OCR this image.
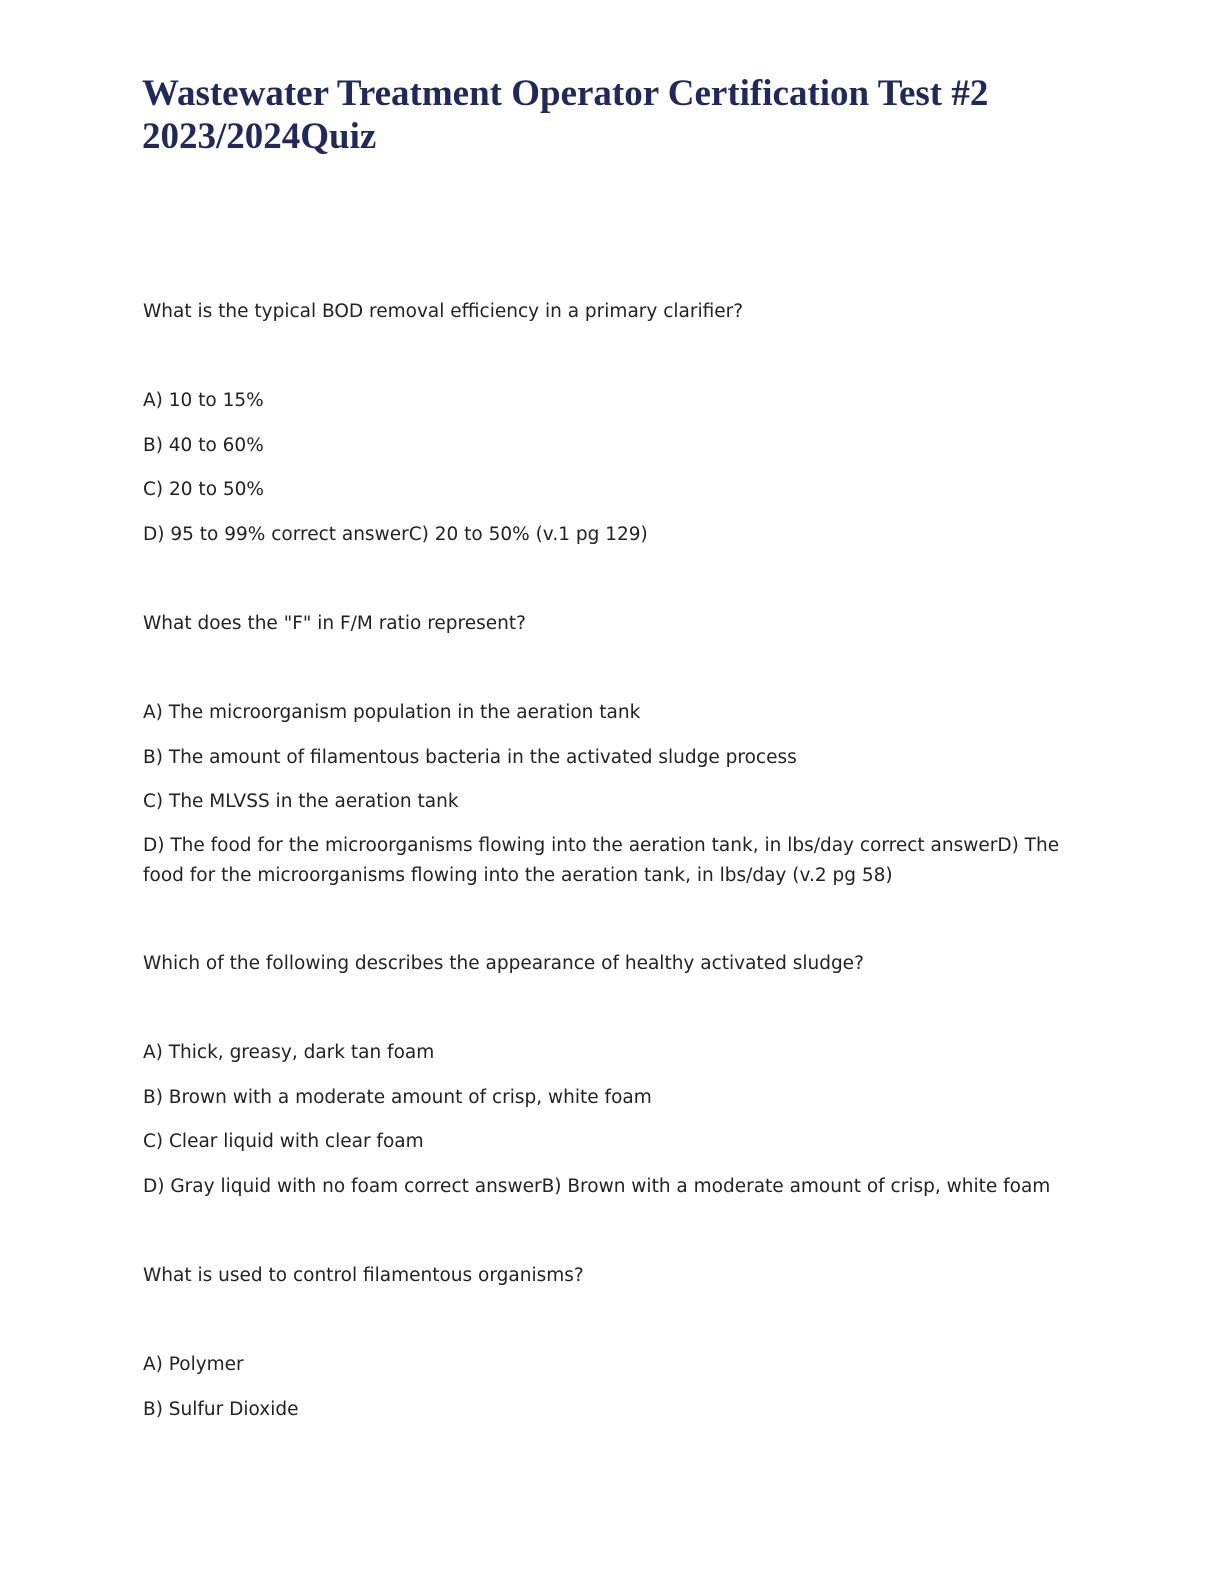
Wastewater Treatment Operator Certification Test #2
2023/2024Quiz

What is the typical BOD removal efficiency in a primary clarifier?

A) 10 to 15%

B) 40 to 60%

C) 20 to 50%

D) 95 to 99% correct answerC) 20 to 50% (v.1 pg 129)

What does the "F" in F/M ratio represent?

A) The microorganism population in the aeration tank

B) The amount of filamentous bacteria in the activated sludge process

C) The MLVSS in the aeration tank

D) The food for the microorganisms flowing into the aeration tank, in lbs/day correct answerD) The food for the microorganisms flowing into the aeration tank, in lbs/day (v.2 pg 58)

Which of the following describes the appearance of healthy activated sludge?

A) Thick, greasy, dark tan foam

B) Brown with a moderate amount of crisp, white foam

C) Clear liquid with clear foam

D) Gray liquid with no foam correct answerB) Brown with a moderate amount of crisp, white foam

What is used to control filamentous organisms?

A) Polymer

B) Sulfur Dioxide
